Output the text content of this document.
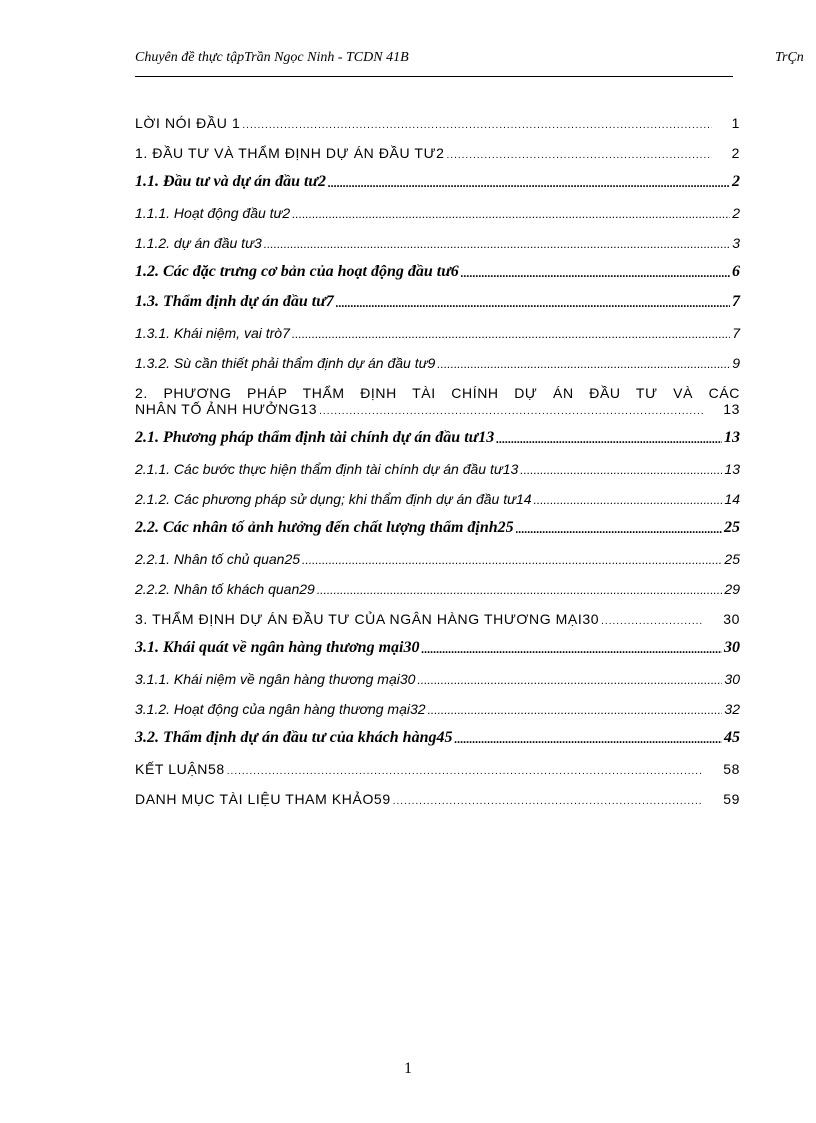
Chuyên đề thực tậpTrần Ngọc Ninh - TCDN 41B	TrÇn
LỜI NÓI ĐẦU 1 .....	1
1. ĐẦU TƯ VÀ THẨM ĐỊNH DỰ ÁN ĐẦU TƯ2 .....	2
1.1. Đầu tư và dự án đầu tư2 .....	2
1.1.1. Hoạt động đầu tư2 .....	2
1.1.2. dự án đầu tư3 .....	3
1.2. Các đặc trưng cơ bản của hoạt động đầu tư6 .....	6
1.3. Thẩm định dự án đầu tư7 .....	7
1.3.1. Khái niệm, vai trò7 .....	7
1.3.2. Sù cần thiết phải thẩm định dự án đầu tư9 .....	9
2. PHƯƠNG PHÁP THẨM ĐỊNH TÀI CHÍNH DỰ ÁN ĐẦU TƯ VÀ CÁC
NHÂN TỐ ẢNH HƯỞNG13 .....	13
2.1. Phương pháp thẩm định tài chính dự án đầu tư13 .....	13
2.1.1. Các bước thực hiện thẩm định tài chính dự án đầu tư13 .....	13
2.1.2. Các phương pháp sử dụng; khi thẩm định dự án đầu tư14 .....	14
2.2. Các nhân tố ảnh hưởng đến chất lượng thẩm định25 .....	25
2.2.1. Nhân tố chủ quan25 .....	25
2.2.2. Nhân tố khách quan29 .....	29
3. THẨM ĐỊNH DỰ ÁN ĐẦU TƯ CỦA NGÂN HÀNG THƯƠNG MẠI30 .....	30
3.1. Khái quát về ngân hàng thương mại30 .....	30
3.1.1. Khái niệm về ngân hàng thương mại30 .....	30
3.1.2. Hoạt động của ngân hàng thương mại32 .....	32
3.2. Thẩm định dự án đầu tư của khách hàng45 .....	45
KẾT LUẬN58 .....	58
DANH MỤC TÀI LIỆU THAM KHẢO59 .....	59
1
